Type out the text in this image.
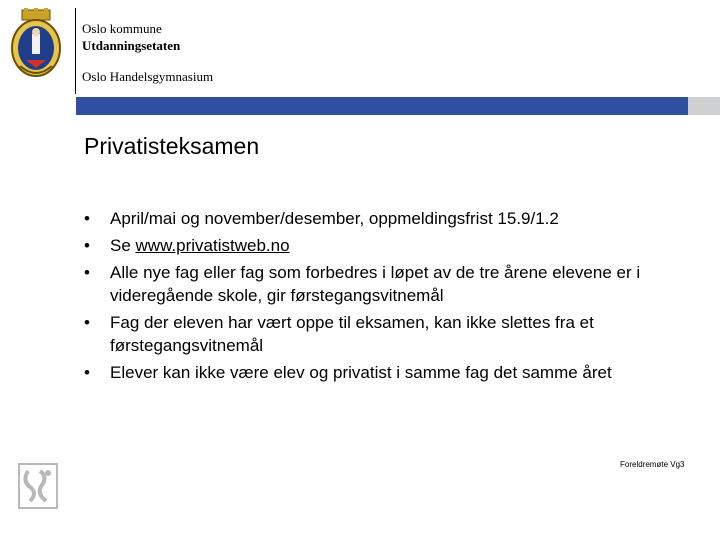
Oslo kommune
Utdanningsetaten
Oslo Handelsgymnasium
Privatisteksamen
• April/mai og november/desember, oppmeldingsfrist 15.9/1.2
• Se www.privatistweb.no
• Alle nye fag eller fag som forbedres i løpet av de tre årene elevene er i videregående skole, gir førstegangsvitnemål
• Fag der eleven har vært oppe til eksamen, kan ikke slettes fra et førstegangsvitnemål
• Elever kan ikke være elev og privatist i samme fag det samme året
Foreldremøte Vg3
